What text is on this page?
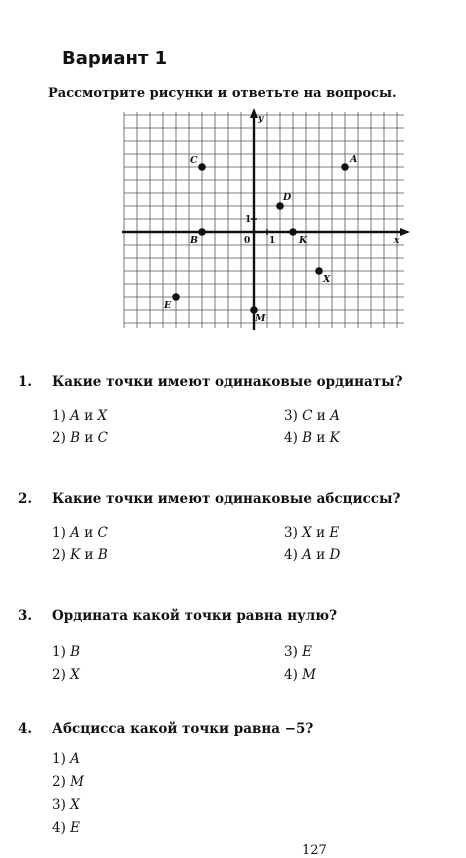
Вариант 1
Рассмотрите рисунки и ответьте на вопросы.
x
y
0 1
1
C	A
D
B	K
X
E
M
1. Какие точки имеют одинаковые ординаты?
1) A и X
2) B и C
3) C и A
4) B и K
2. Какие точки имеют одинаковые абсциссы?
1) A и C
2) K и B
3) X и E
4) A и D
3. Ордината какой точки равна нулю?
1) B
2) X
3) E
4) M
4. Абсцисса какой точки равна −5?
1) A
2) M
3) X
4) E
127
